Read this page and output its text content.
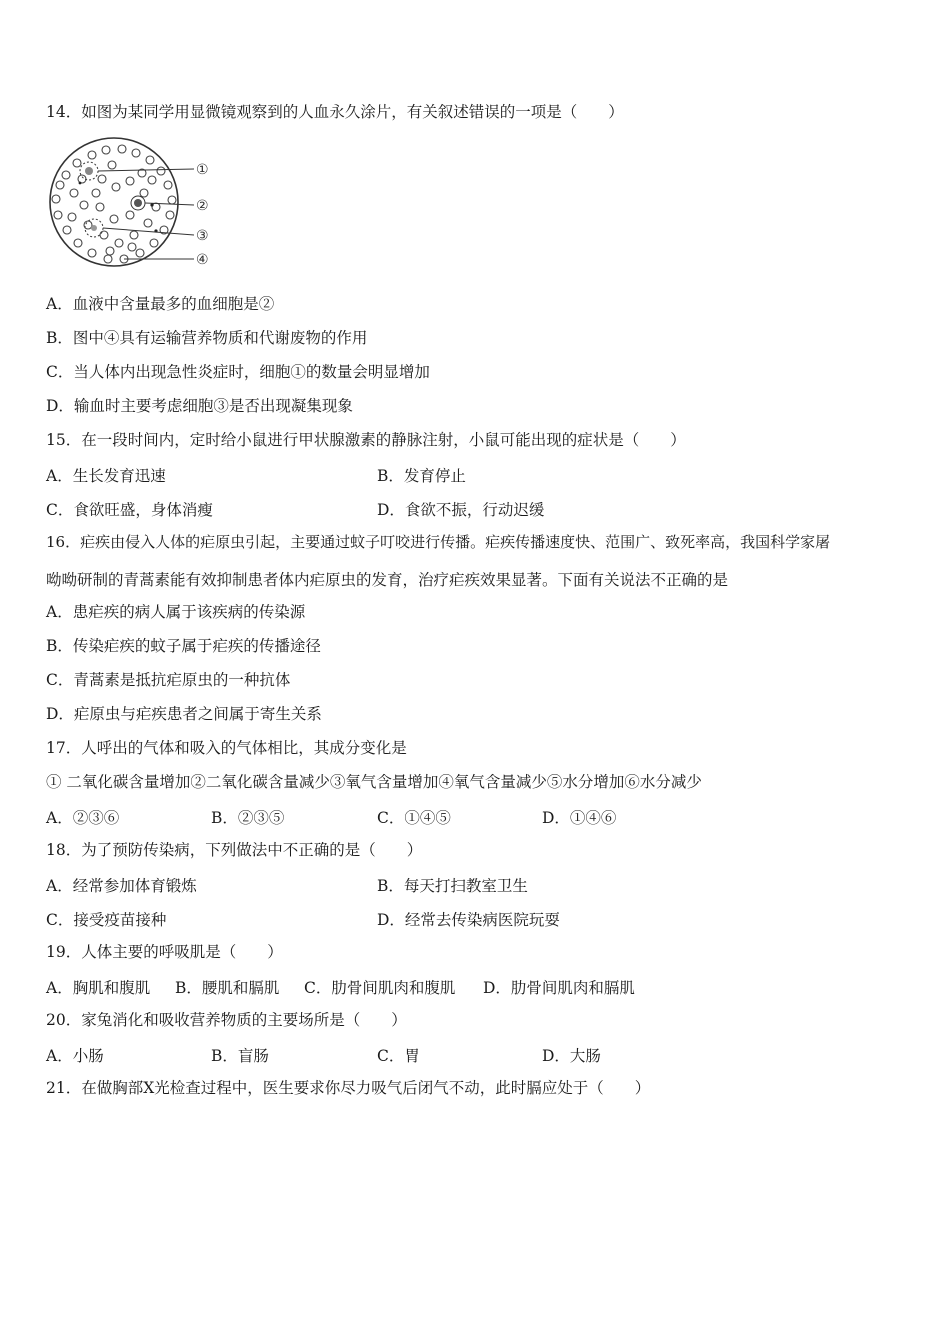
14．如图为某同学用显微镜观察到的人血永久涂片，有关叙述错误的一项是（　　）
①
②
③
④
A．血液中含量最多的血细胞是②
B．图中④具有运输营养物质和代谢废物的作用
C．当人体内出现急性炎症时，细胞①的数量会明显增加
D．输血时主要考虑细胞③是否出现凝集现象
15．在一段时间内，定时给小鼠进行甲状腺激素的静脉注射，小鼠可能出现的症状是（　　）
A．生长发育迅速	B．发育停止
C．食欲旺盛，身体消瘦	D．食欲不振，行动迟缓
16．疟疾由侵入人体的疟原虫引起，主要通过蚊子叮咬进行传播。疟疾传播速度快、范围广、致死率高，我国科学家屠
呦呦研制的青蒿素能有效抑制患者体内疟原虫的发育，治疗疟疾效果显著。下面有关说法不正确的是
A．患疟疾的病人属于该疾病的传染源
B．传染疟疾的蚊子属于疟疾的传播途径
C．青蒿素是抵抗疟原虫的一种抗体
D．疟原虫与疟疾患者之间属于寄生关系
17．人呼出的气体和吸入的气体相比，其成分变化是
① 二氧化碳含量增加②二氧化碳含量减少③氧气含量增加④氧气含量减少⑤水分增加⑥水分减少
A．②③⑥	B．②③⑤	C．①④⑤	D．①④⑥
18．为了预防传染病，下列做法中不正确的是（　　）
A．经常参加体育锻炼	B．每天打扫教室卫生
C．接受疫苗接种	D．经常去传染病医院玩耍
19．人体主要的呼吸肌是（　　）
A．胸肌和腹肌 B．腰肌和膈肌 C．肋骨间肌肉和腹肌 D．肋骨间肌肉和膈肌
20．家兔消化和吸收营养物质的主要场所是（　　）
A．小肠	B．盲肠	C．胃	D．大肠
21．在做胸部X光检查过程中，医生要求你尽力吸气后闭气不动，此时膈应处于（　　）
